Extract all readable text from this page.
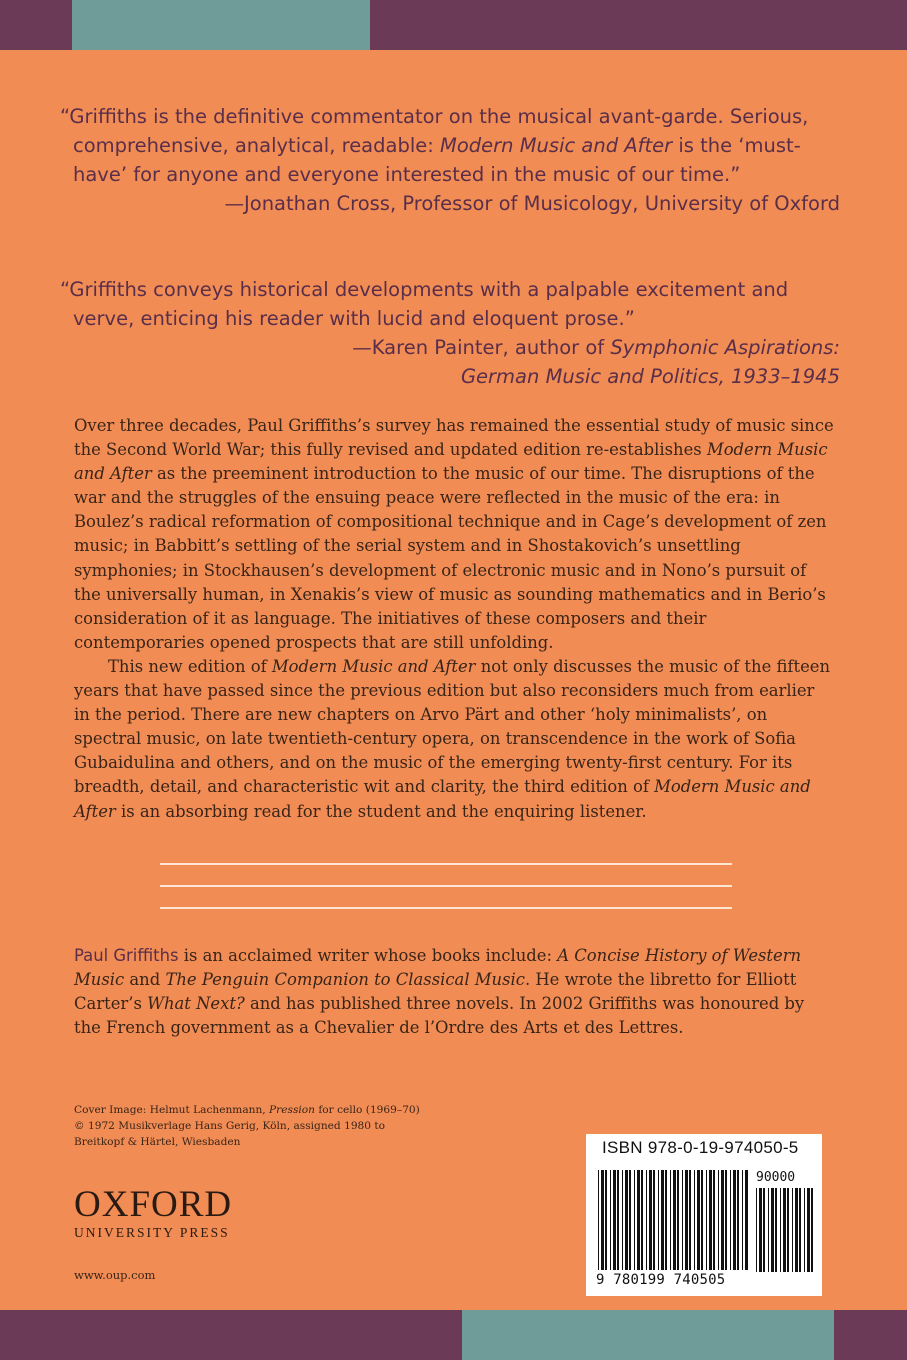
“Griffiths is the definitive commentator on the musical avant-garde. Serious, comprehensive, analytical, readable: Modern Music and After is the ‘must-have’ for anyone and everyone interested in the music of our time.”

—Jonathan Cross, Professor of Musicology, University of Oxford

“Griffiths conveys historical developments with a palpable excitement and verve, enticing his reader with lucid and eloquent prose.”

—Karen Painter, author of Symphonic Aspirations:

German Music and Politics, 1933–1945

Over three decades, Paul Griffiths’s survey has remained the essential study of music since the Second World War; this fully revised and updated edition re-establishes Modern Music and After as the preeminent introduction to the music of our time. The disruptions of the war and the struggles of the ensuing peace were reflected in the music of the era: in Boulez’s radical reformation of compositional technique and in Cage’s development of zen music; in Babbitt’s settling of the serial system and in Shostakovich’s unsettling symphonies; in Stockhausen’s development of electronic music and in Nono’s pursuit of the universally human, in Xenakis’s view of music as sounding mathematics and in Berio’s consideration of it as language. The initiatives of these composers and their contemporaries opened prospects that are still unfolding.

This new edition of Modern Music and After not only discusses the music of the fifteen years that have passed since the previous edition but also reconsiders much from earlier in the period. There are new chapters on Arvo Pärt and other ‘holy minimalists’, on spectral music, on late twentieth-century opera, on transcendence in the work of Sofia Gubaidulina and others, and on the music of the emerging twenty-first century. For its breadth, detail, and characteristic wit and clarity, the third edition of Modern Music and After is an absorbing read for the student and the enquiring listener.

Paul Griffiths is an acclaimed writer whose books include: A Concise History of Western Music and The Penguin Companion to Classical Music. He wrote the libretto for Elliott Carter’s What Next? and has published three novels. In 2002 Griffiths was honoured by the French government as a Chevalier de l’Ordre des Arts et des Lettres.
Cover Image: Helmut Lachenmann, Pression for cello (1969–70)
© 1972 Musikverlage Hans Gerig, Köln, assigned 1980 to
Breitkopf & Härtel, Wiesbaden
OXFORD
UNIVERSITY PRESS
www.oup.com
ISBN 978-0-19-974050-5
90000
9 780199 740505
